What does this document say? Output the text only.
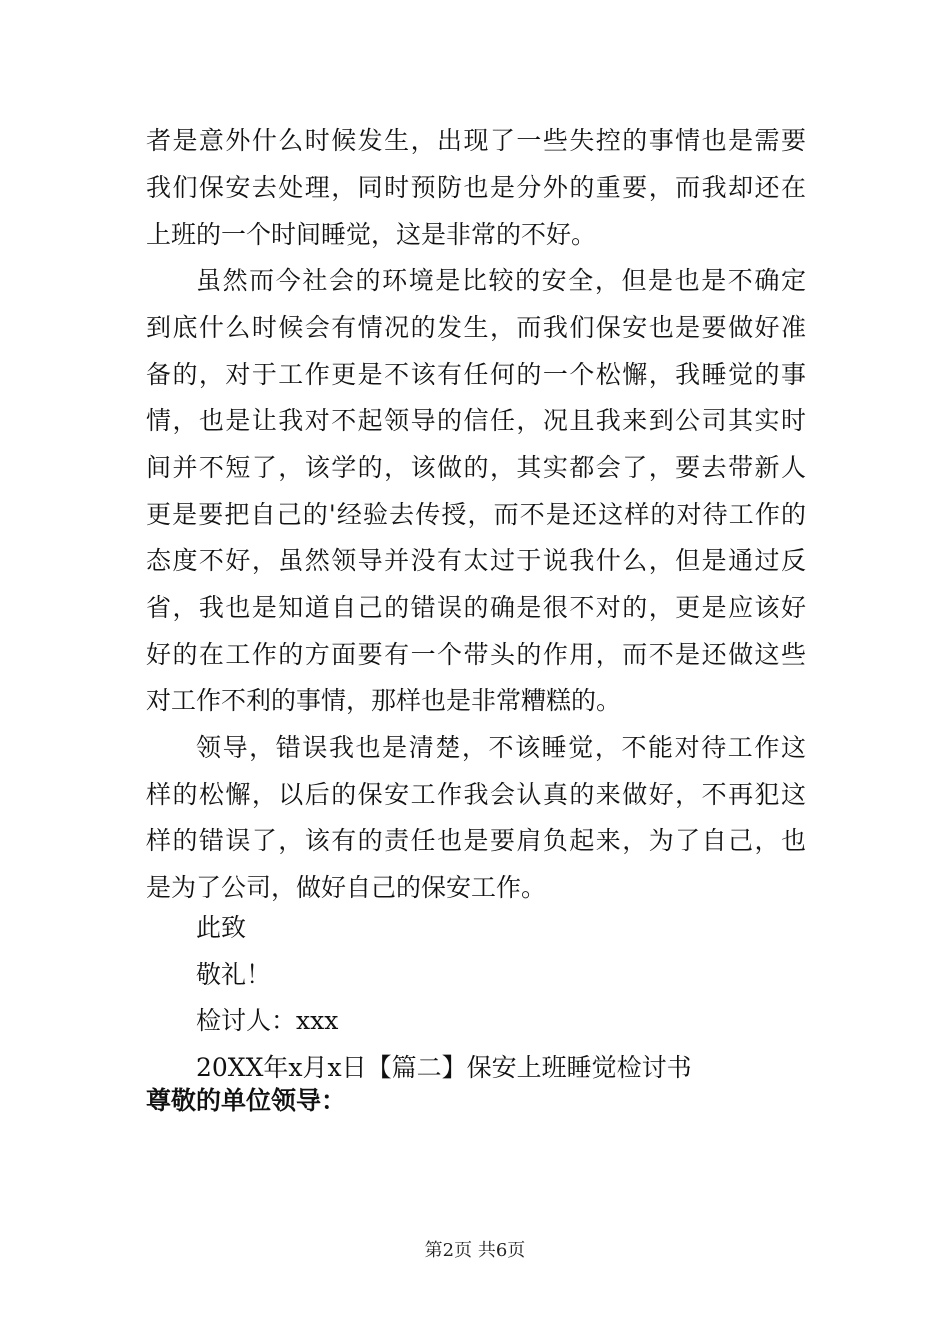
者是意外什么时候发生，出现了一些失控的事情也是需要
我们保安去处理，同时预防也是分外的重要，而我却还在
上班的一个时间睡觉，这是非常的不好。
虽然而今社会的环境是比较的安全，但是也是不确定
到底什么时候会有情况的发生，而我们保安也是要做好准
备的，对于工作更是不该有任何的一个松懈，我睡觉的事
情，也是让我对不起领导的信任，况且我来到公司其实时
间并不短了，该学的，该做的，其实都会了，要去带新人
更是要把自己的'经验去传授，而不是还这样的对待工作的
态度不好，虽然领导并没有太过于说我什么，但是通过反
省，我也是知道自己的错误的确是很不对的，更是应该好
好的在工作的方面要有一个带头的作用，而不是还做这些
对工作不利的事情，那样也是非常糟糕的。
领导，错误我也是清楚，不该睡觉，不能对待工作这
样的松懈，以后的保安工作我会认真的来做好，不再犯这
样的错误了，该有的责任也是要肩负起来，为了自己，也
是为了公司，做好自己的保安工作。
此致
敬礼！
检讨人：xxx
20XX年x月x日【篇二】保安上班睡觉检讨书
尊敬的单位领导：
第2页 共6页
